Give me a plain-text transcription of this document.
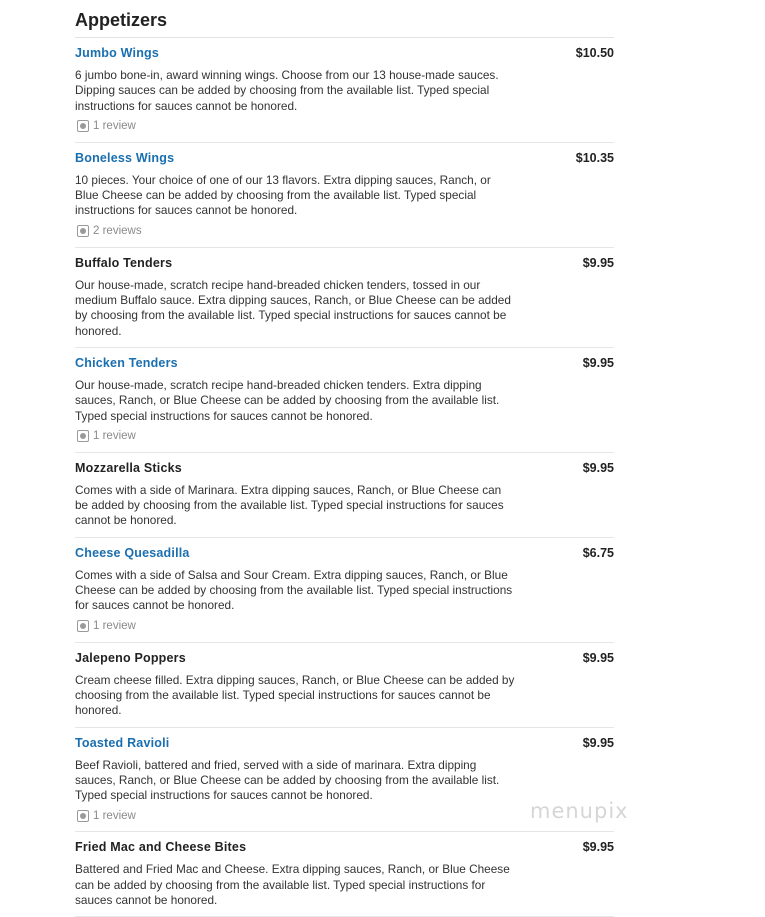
Appetizers
Jumbo Wings	$10.50
6 jumbo bone-in, award winning wings. Choose from our 13 house-made sauces. Dipping sauces can be added by choosing from the available list. Typed special instructions for sauces cannot be honored.
1 review
Boneless Wings	$10.35
10 pieces. Your choice of one of our 13 flavors. Extra dipping sauces, Ranch, or Blue Cheese can be added by choosing from the available list. Typed special instructions for sauces cannot be honored.
2 reviews
Buffalo Tenders	$9.95
Our house-made, scratch recipe hand-breaded chicken tenders, tossed in our medium Buffalo sauce. Extra dipping sauces, Ranch, or Blue Cheese can be added by choosing from the available list. Typed special instructions for sauces cannot be honored.
Chicken Tenders	$9.95
Our house-made, scratch recipe hand-breaded chicken tenders. Extra dipping sauces, Ranch, or Blue Cheese can be added by choosing from the available list. Typed special instructions for sauces cannot be honored.
1 review
Mozzarella Sticks	$9.95
Comes with a side of Marinara. Extra dipping sauces, Ranch, or Blue Cheese can be added by choosing from the available list. Typed special instructions for sauces cannot be honored.
Cheese Quesadilla	$6.75
Comes with a side of Salsa and Sour Cream. Extra dipping sauces, Ranch, or Blue Cheese can be added by choosing from the available list. Typed special instructions for sauces cannot be honored.
1 review
Jalepeno Poppers	$9.95
Cream cheese filled. Extra dipping sauces, Ranch, or Blue Cheese can be added by choosing from the available list. Typed special instructions for sauces cannot be honored.
Toasted Ravioli	$9.95
Beef Ravioli, battered and fried, served with a side of marinara. Extra dipping sauces, Ranch, or Blue Cheese can be added by choosing from the available list. Typed special instructions for sauces cannot be honored.
1 review
Fried Mac and Cheese Bites	$9.95
Battered and Fried Mac and Cheese. Extra dipping sauces, Ranch, or Blue Cheese can be added by choosing from the available list. Typed special instructions for sauces cannot be honored.
menupix
